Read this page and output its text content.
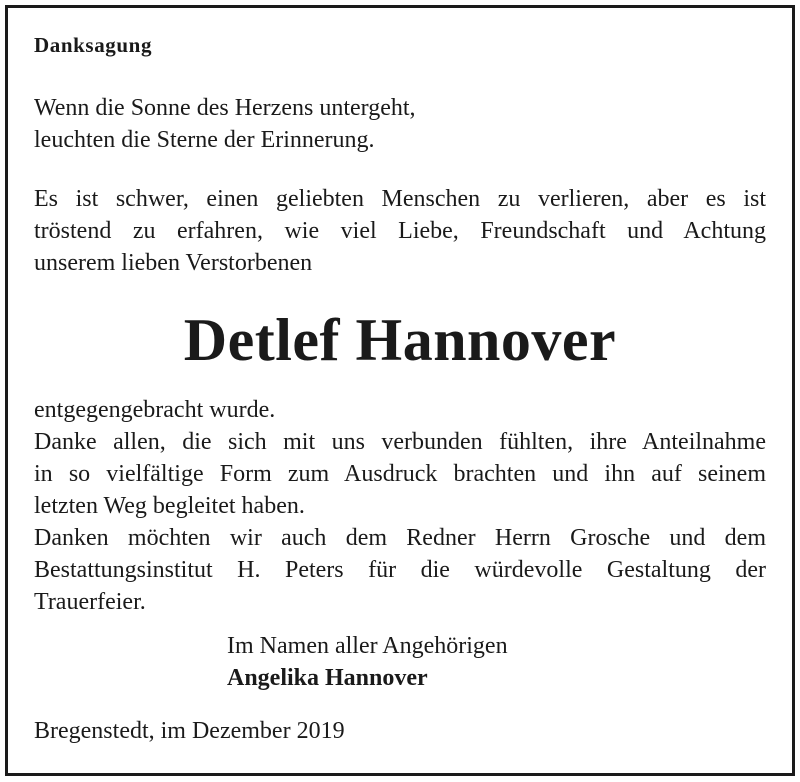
Danksagung
Wenn die Sonne des Herzens untergeht,
leuchten die Sterne der Erinnerung.
Es ist schwer, einen geliebten Menschen zu verlieren, aber es ist
tröstend zu erfahren, wie viel Liebe, Freundschaft und Achtung
unserem lieben Verstorbenen
Detlef Hannover
entgegengebracht wurde.
Danke allen, die sich mit uns verbunden fühlten, ihre Anteilnahme
in so vielfältige Form zum Ausdruck brachten und ihn auf seinem
letzten Weg begleitet haben.
Danken möchten wir auch dem Redner Herrn Grosche und dem
Bestattungsinstitut H. Peters für die würdevolle Gestaltung der
Trauerfeier.
Im Namen aller Angehörigen
Angelika Hannover
Bregenstedt, im Dezember 2019
